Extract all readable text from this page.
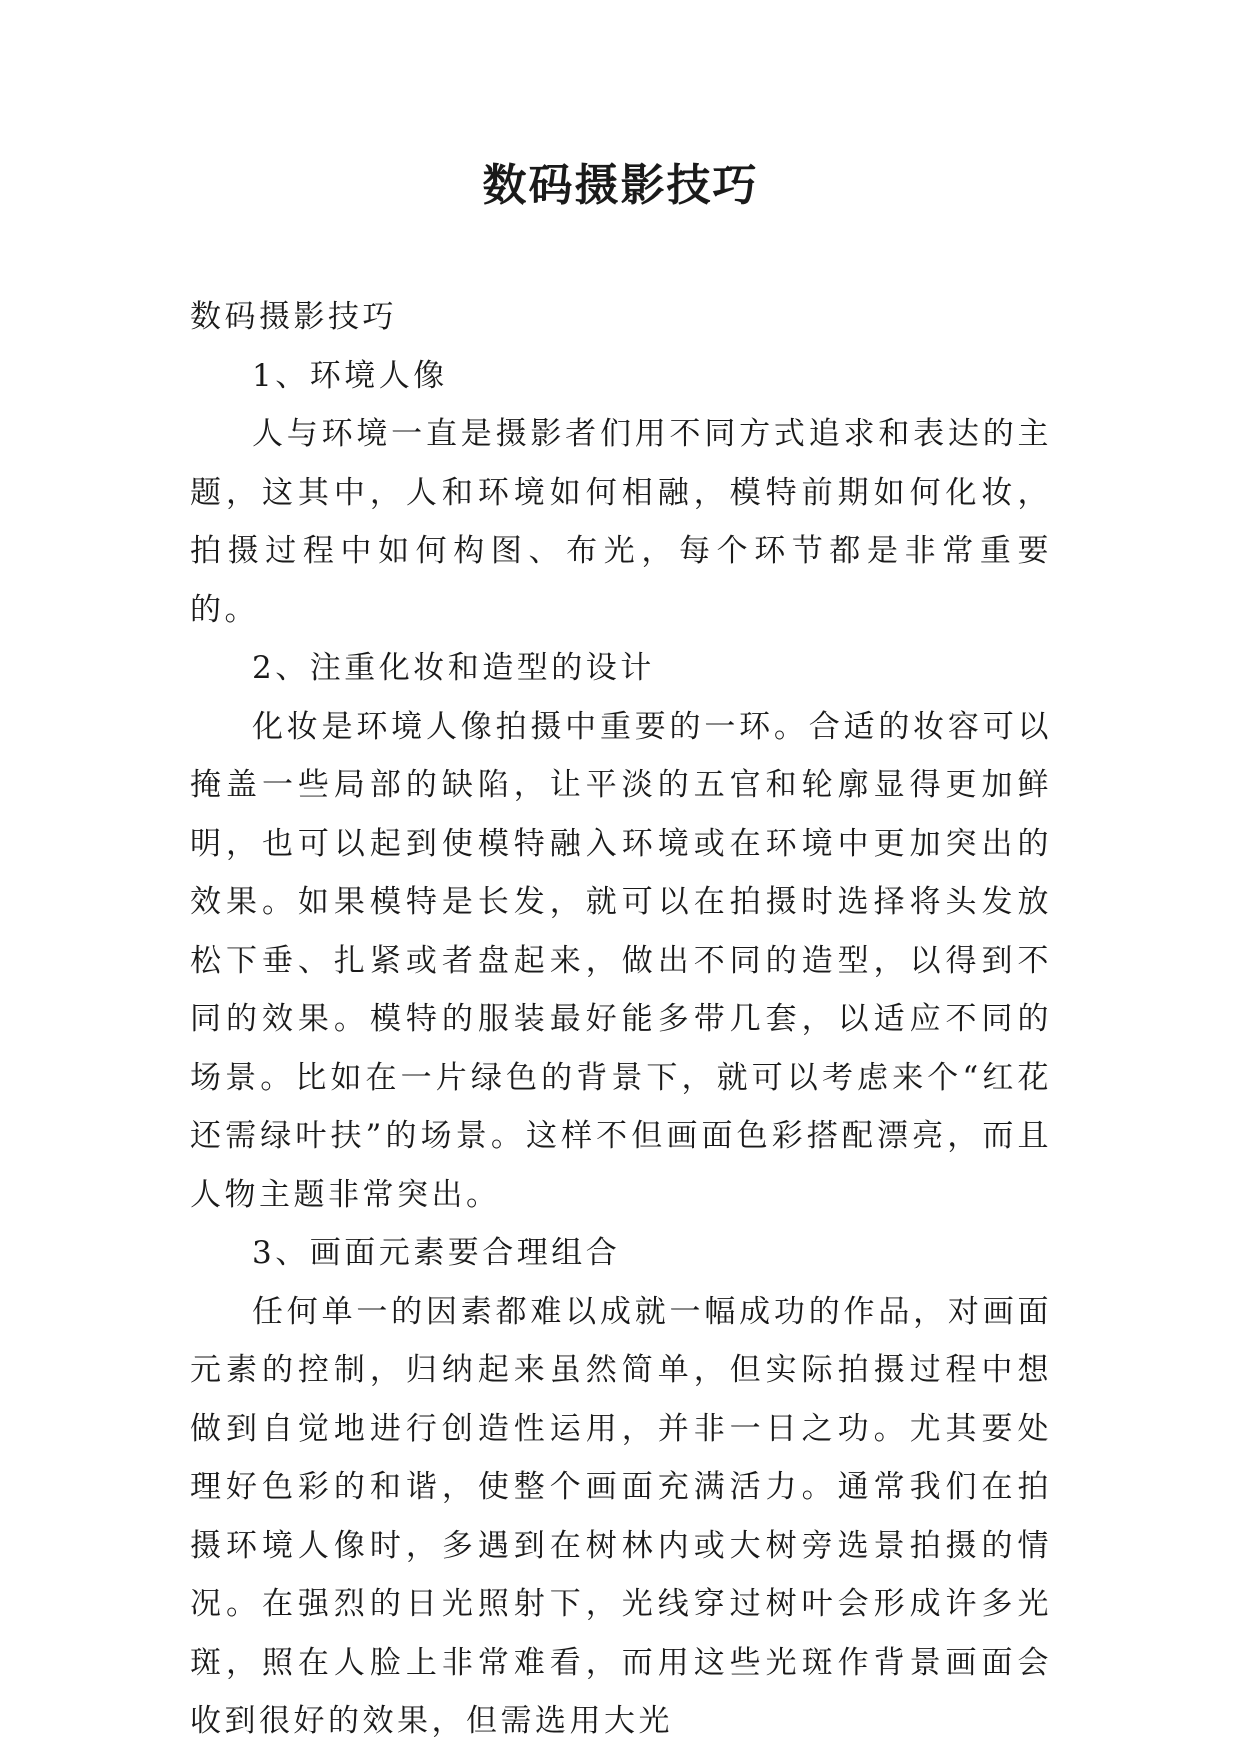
数码摄影技巧

数码摄影技巧

1、环境人像

人与环境一直是摄影者们用不同方式追求和表达的主题，这其中，人和环境如何相融，模特前期如何化妆，拍摄过程中如何构图、布光，每个环节都是非常重要的。

2、注重化妆和造型的设计

化妆是环境人像拍摄中重要的一环。合适的妆容可以掩盖一些局部的缺陷，让平淡的五官和轮廓显得更加鲜明，也可以起到使模特融入环境或在环境中更加突出的效果。如果模特是长发，就可以在拍摄时选择将头发放松下垂、扎紧或者盘起来，做出不同的造型，以得到不同的效果。模特的服装最好能多带几套，以适应不同的场景。比如在一片绿色的背景下，就可以考虑来个“红花还需绿叶扶”的场景。这样不但画面色彩搭配漂亮，而且人物主题非常突出。

3、画面元素要合理组合

任何单一的因素都难以成就一幅成功的作品，对画面元素的控制，归纳起来虽然简单，但实际拍摄过程中想做到自觉地进行创造性运用，并非一日之功。尤其要处理好色彩的和谐，使整个画面充满活力。通常我们在拍摄环境人像时，多遇到在树林内或大树旁选景拍摄的情况。在强烈的日光照射下，光线穿过树叶会形成许多光斑，照在人脸上非常难看，而用这些光斑作背景画面会收到很好的效果，但需选用大光
